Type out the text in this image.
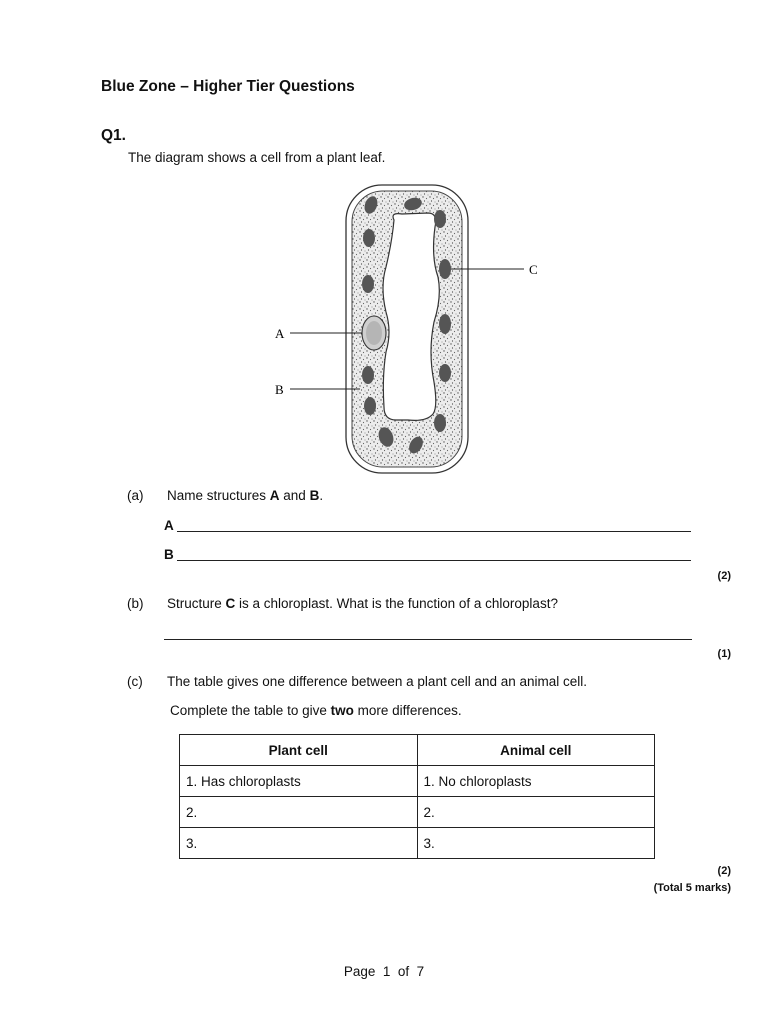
Blue Zone – Higher Tier Questions
Q1.
The diagram shows a cell from a plant leaf.
A
B
C
(a) Name structures A and B.
A
B
(2)
(b) Structure C is a chloroplast. What is the function of a chloroplast?
(1)
(c) The table gives one difference between a plant cell and an animal cell.
Complete the table to give two more differences.
Plant cell	Animal cell
1. Has chloroplasts	1. No chloroplasts
2.	2.
3.	3.
(2)
(Total 5 marks)
Page 1 of 7
